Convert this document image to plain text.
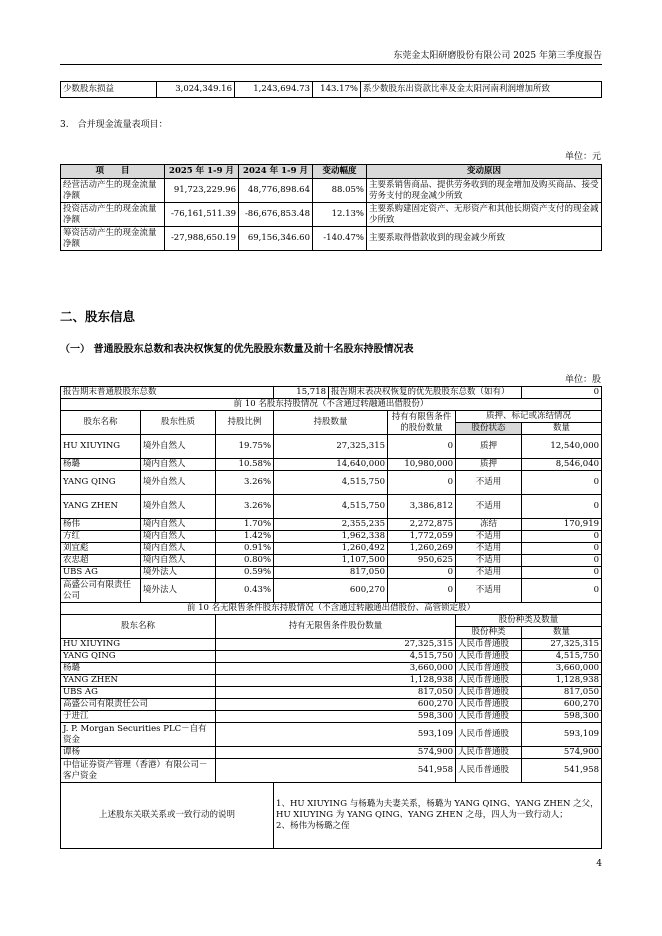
东莞金太阳研磨股份有限公司 2025 年第三季度报告
少数股东损益	3,024,349.16	1,243,694.73	143.17%	系少数股东出资款比率及金太阳河南利润增加所致
3.　合并现金流量表项目：
单位：元
项　　目	2025 年 1-9 月	2024 年 1-9 月	变动幅度	变动原因
经营活动产生的现金流量净额	91,723,229.96	48,776,898.64	88.05%	主要系销售商品、提供劳务收到的现金增加及购买商品、接受劳务支付的现金减少所致
投资活动产生的现金流量净额	-76,161,511.39	-86,676,853.48	12.13%	主要系购建固定资产、无形资产和其他长期资产支付的现金减少所致
筹资活动产生的现金流量净额	-27,988,650.19	69,156,346.60	-140.47%	主要系取得借款收到的现金减少所致
二、股东信息
（一） 普通股股东总数和表决权恢复的优先股股东数量及前十名股东持股情况表
单位：股
报告期末普通股股东总数			15,718	报告期末表决权恢复的优先股股东总数（如有）			0
前 10 名股东持股情况（不含通过转融通出借股份）							
股东名称	股东性质	持股比例	持股数量		持有有限售条件的股份数量	质押、标记或冻结情况	
						股份状态	数量
HU XIUYING	境外自然人	19.75%	27,325,315		0	质押	12,540,000
杨璐	境内自然人	10.58%	14,640,000		10,980,000	质押	8,546,040
YANG QING	境外自然人	3.26%	4,515,750		0	不适用	0
YANG ZHEN	境外自然人	3.26%	4,515,750		3,386,812	不适用	0
杨伟	境内自然人	1.70%	2,355,235		2,272,875	冻结	170,919
方红	境内自然人	1.42%	1,962,338		1,772,059	不适用	0
刘宜彪	境内自然人	0.91%	1,260,492		1,260,269	不适用	0
农忠超	境内自然人	0.80%	1,107,500		950,625	不适用	0
UBS AG	境外法人	0.59%	817,050		0	不适用	0
高盛公司有限责任公司	境外法人	0.43%	600,270		0	不适用	0
前 10 名无限售条件股东持股情况（不含通过转融通出借股份、高管锁定股）							
股东名称		持有无限售条件股份数量				股份种类及数量	
						股份种类	数量
HU XIUYING		27,325,315				人民币普通股	27,325,315
YANG QING		4,515,750				人民币普通股	4,515,750
杨璐		3,660,000				人民币普通股	3,660,000
YANG ZHEN		1,128,938				人民币普通股	1,128,938
UBS AG		817,050				人民币普通股	817,050
高盛公司有限责任公司		600,270				人民币普通股	600,270
于进江		598,300				人民币普通股	598,300
J. P. Morgan Securities PLC－自有资金		593,109				人民币普通股	593,109
谭杨		574,900				人民币普通股	574,900
中信证券资产管理（香港）有限公司－客户资金		541,958				人民币普通股	541,958
上述股东关联关系或一致行动的说明			1、HU XIUYING 与杨璐为夫妻关系，杨璐为 YANG QING、YANG ZHEN 之父，HU XIUYING 为 YANG QING、YANG ZHEN 之母，四人为一致行动人；
2、杨伟为杨璐之侄				
4
